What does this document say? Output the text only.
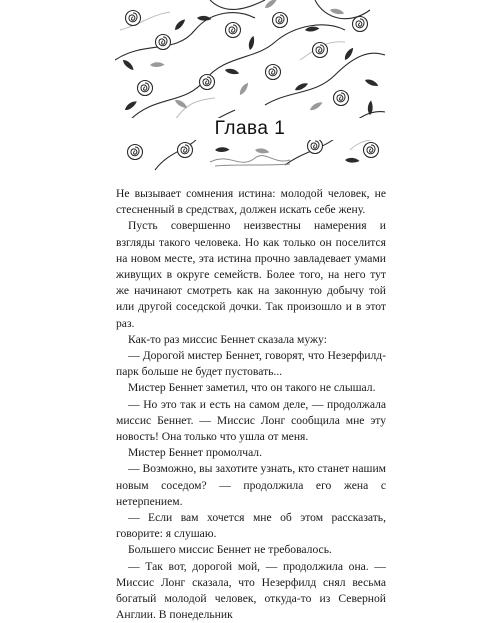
Глава 1

Не вызывает сомнения истина: молодой человек, не стесненный в средствах, должен искать себе жену.

Пусть совершенно неизвестны намерения и взгляды такого человека. Но как только он поселится на новом месте, эта истина прочно завладевает умами живущих в округе семейств. Более того, на него тут же начинают смотреть как на законную добычу той или другой соседской дочки. Так произошло и в этот раз.

Как-то раз миссис Беннет сказала мужу:

— Дорогой мистер Беннет, говорят, что Незерфилд-парк больше не будет пустовать...

Мистер Беннет заметил, что он такого не слышал.

— Но это так и есть на самом деле, — продолжала миссис Беннет. — Миссис Лонг сообщила мне эту новость! Она только что ушла от меня.

Мистер Беннет промолчал.

— Возможно, вы захотите узнать, кто станет нашим новым соседом? — продолжила его жена с нетерпением.

— Если вам хочется мне об этом рассказать, говорите: я слушаю.

Большего миссис Беннет не требовалось.

— Так вот, дорогой мой, — продолжила она. — Миссис Лонг сказала, что Незерфилд снял весьма богатый молодой человек, откуда-то из Северной Англии. В понедельник
